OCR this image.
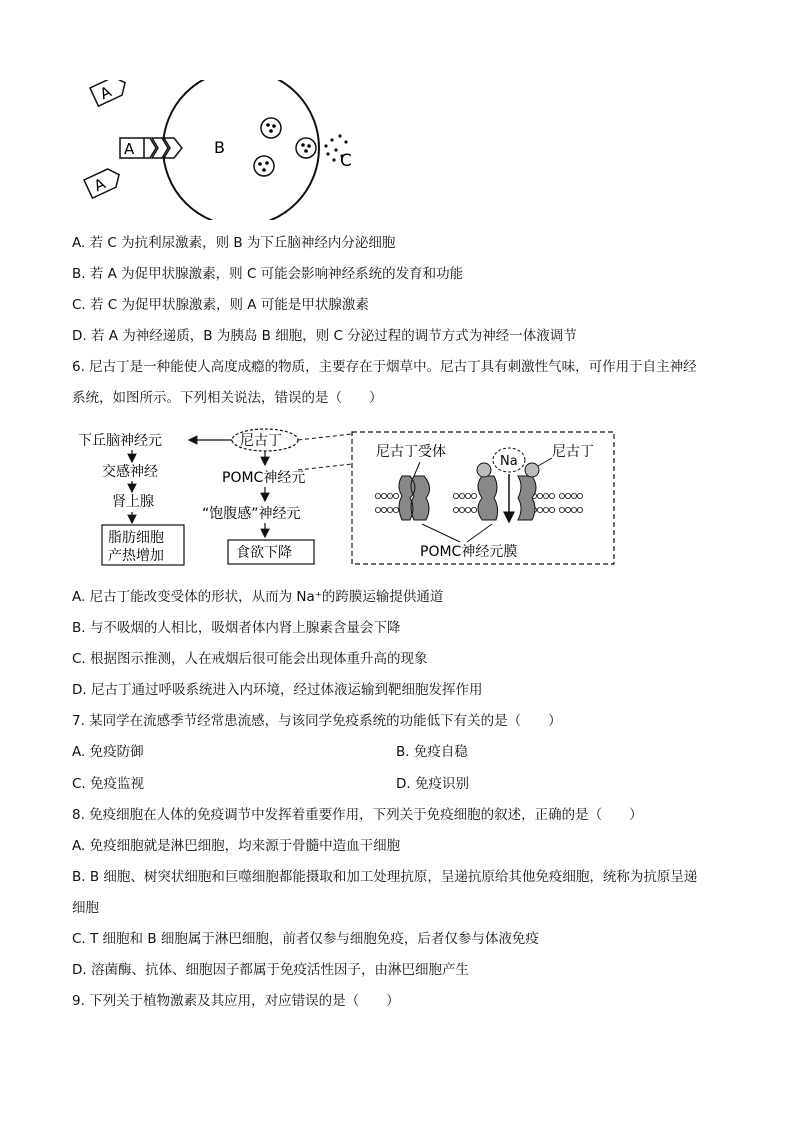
A
A
A
B
C
A. 若 C 为抗利尿激素，则 B 为下丘脑神经内分泌细胞
B. 若 A 为促甲状腺激素，则 C 可能会影响神经系统的发育和功能
C. 若 C 为促甲状腺激素，则 A 可能是甲状腺激素
D. 若 A 为神经递质，B 为胰岛 B 细胞，则 C 分泌过程的调节方式为神经一体液调节
6. 尼古丁是一种能使人高度成瘾的物质，主要存在于烟草中。尼古丁具有刺激性气味，可作用于自主神经
系统，如图所示。下列相关说法，错误的是（　　）
下丘脑神经元
交感神经
肾上腺
脂肪细胞
产热增加
尼古丁
POMC神经元
“饱腹感”神经元
食欲下降
尼古丁受体
Na
尼古丁
POMC神经元膜
A. 尼古丁能改变受体的形状，从而为 Na⁺的跨膜运输提供通道
B. 与不吸烟的人相比，吸烟者体内肾上腺素含量会下降
C. 根据图示推测，人在戒烟后很可能会出现体重升高的现象
D. 尼古丁通过呼吸系统进入内环境，经过体液运输到靶细胞发挥作用
7. 某同学在流感季节经常患流感，与该同学免疫系统的功能低下有关的是（　　）
A. 免疫防御	B. 免疫自稳
C. 免疫监视	D. 免疫识别
8. 免疫细胞在人体的免疫调节中发挥着重要作用，下列关于免疫细胞的叙述，正确的是（　　）
A. 免疫细胞就是淋巴细胞，均来源于骨髓中造血干细胞
B. B 细胞、树突状细胞和巨噬细胞都能摄取和加工处理抗原，呈递抗原给其他免疫细胞，统称为抗原呈递
细胞
C. T 细胞和 B 细胞属于淋巴细胞，前者仅参与细胞免疫，后者仅参与体液免疫
D. 溶菌酶、抗体、细胞因子都属于免疫活性因子，由淋巴细胞产生
9. 下列关于植物激素及其应用，对应错误的是（　　）
